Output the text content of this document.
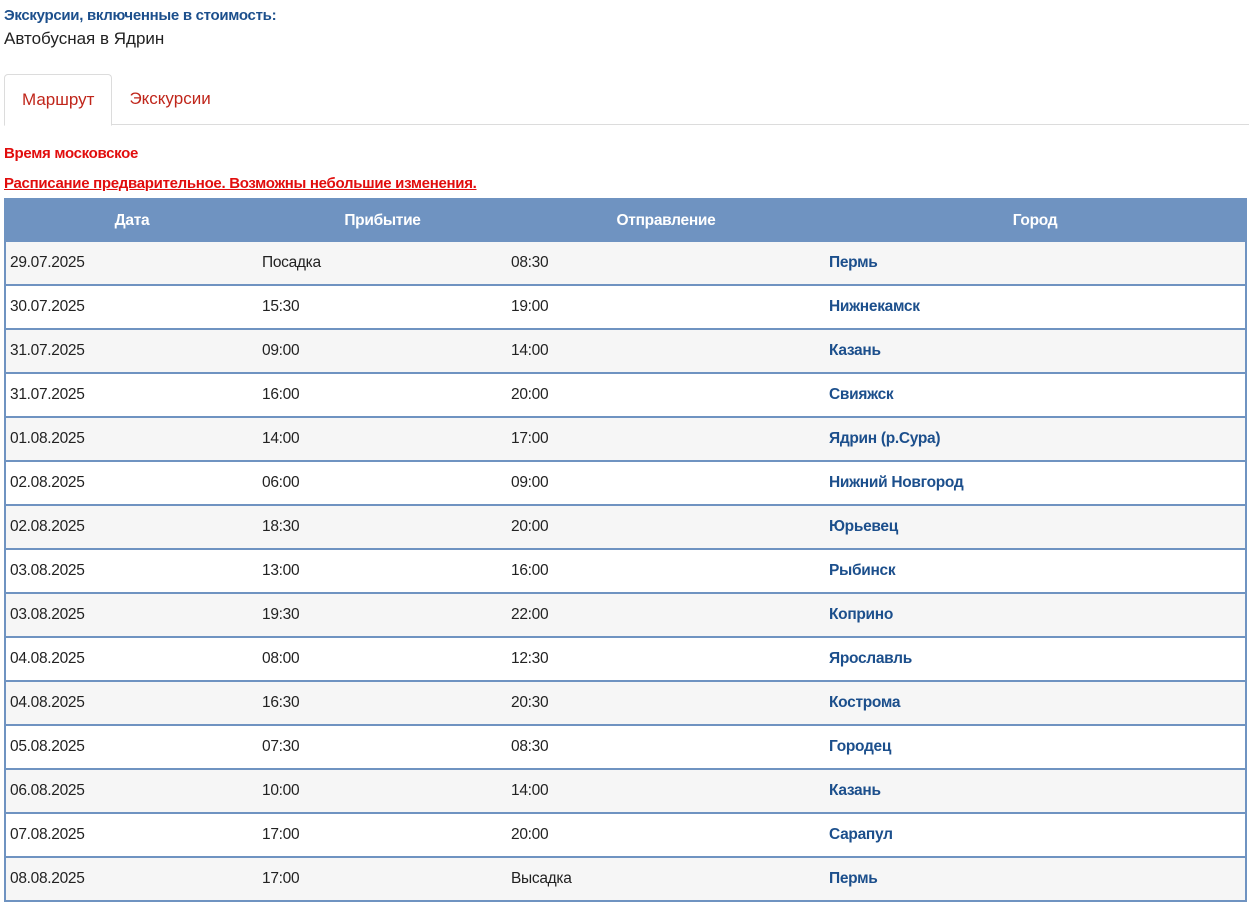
Экскурсии, включенные в стоимость:
Автобусная в Ядрин
Маршрут	Экскурсии
Время московское
Расписание предварительное. Возможны небольшие изменения.
Дата	Прибытие	Отправление	Город
29.07.2025	Посадка	08:30	Пермь
30.07.2025	15:30	19:00	Нижнекамск
31.07.2025	09:00	14:00	Казань
31.07.2025	16:00	20:00	Свияжск
01.08.2025	14:00	17:00	Ядрин (р.Сура)
02.08.2025	06:00	09:00	Нижний Новгород
02.08.2025	18:30	20:00	Юрьевец
03.08.2025	13:00	16:00	Рыбинск
03.08.2025	19:30	22:00	Коприно
04.08.2025	08:00	12:30	Ярославль
04.08.2025	16:30	20:30	Кострома
05.08.2025	07:30	08:30	Городец
06.08.2025	10:00	14:00	Казань
07.08.2025	17:00	20:00	Сарапул
08.08.2025	17:00	Высадка	Пермь
